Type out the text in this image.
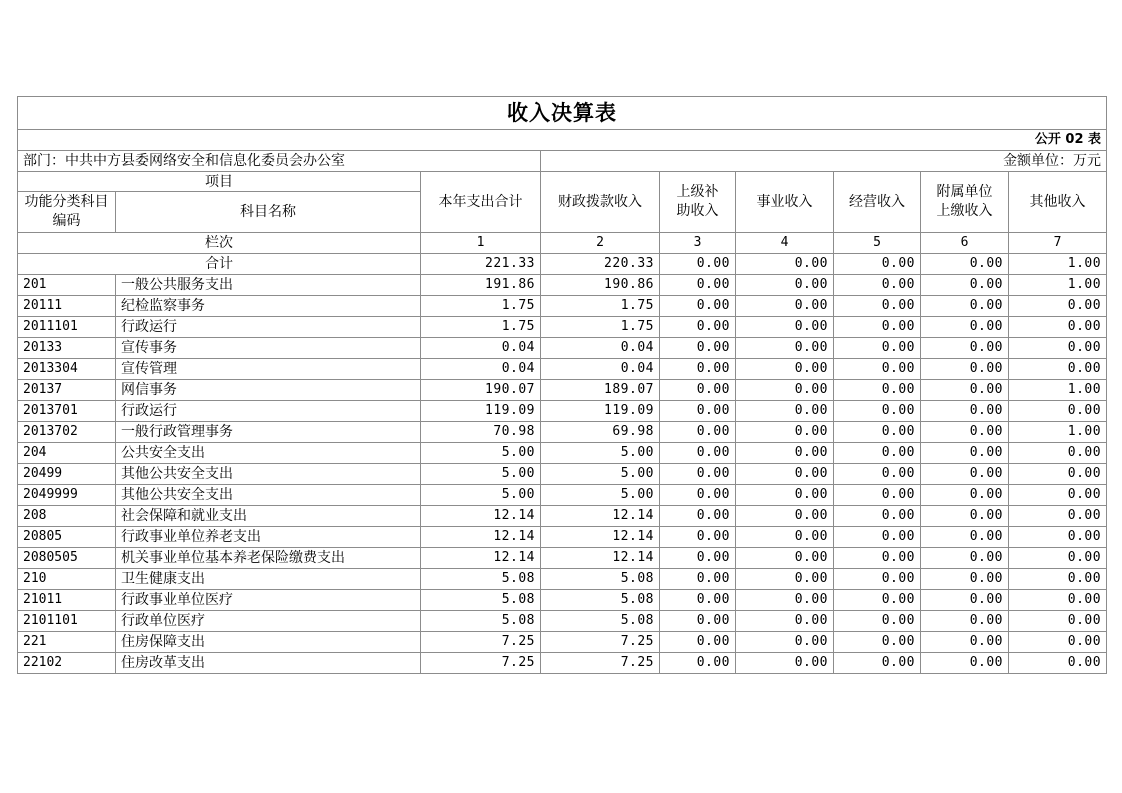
收入决算表								
公开 02 表								
部门：中共中方县委网络安全和信息化委员会办公室			金额单位：万元					
项目		本年支出合计	财政拨款收入	上级补助收入	事业收入	经营收入	附属单位上缴收入	其他收入
功能分类科目编码	科目名称							
栏次		1	2	3	4	5	6	7
合计		221.33	220.33	0.00	0.00	0.00	0.00	1.00
201	一般公共服务支出	191.86	190.86	0.00	0.00	0.00	0.00	1.00
20111	纪检监察事务	1.75	1.75	0.00	0.00	0.00	0.00	0.00
2011101	行政运行	1.75	1.75	0.00	0.00	0.00	0.00	0.00
20133	宣传事务	0.04	0.04	0.00	0.00	0.00	0.00	0.00
2013304	宣传管理	0.04	0.04	0.00	0.00	0.00	0.00	0.00
20137	网信事务	190.07	189.07	0.00	0.00	0.00	0.00	1.00
2013701	行政运行	119.09	119.09	0.00	0.00	0.00	0.00	0.00
2013702	一般行政管理事务	70.98	69.98	0.00	0.00	0.00	0.00	1.00
204	公共安全支出	5.00	5.00	0.00	0.00	0.00	0.00	0.00
20499	其他公共安全支出	5.00	5.00	0.00	0.00	0.00	0.00	0.00
2049999	其他公共安全支出	5.00	5.00	0.00	0.00	0.00	0.00	0.00
208	社会保障和就业支出	12.14	12.14	0.00	0.00	0.00	0.00	0.00
20805	行政事业单位养老支出	12.14	12.14	0.00	0.00	0.00	0.00	0.00
2080505	机关事业单位基本养老保险缴费支出	12.14	12.14	0.00	0.00	0.00	0.00	0.00
210	卫生健康支出	5.08	5.08	0.00	0.00	0.00	0.00	0.00
21011	行政事业单位医疗	5.08	5.08	0.00	0.00	0.00	0.00	0.00
2101101	行政单位医疗	5.08	5.08	0.00	0.00	0.00	0.00	0.00
221	住房保障支出	7.25	7.25	0.00	0.00	0.00	0.00	0.00
22102	住房改革支出	7.25	7.25	0.00	0.00	0.00	0.00	0.00
